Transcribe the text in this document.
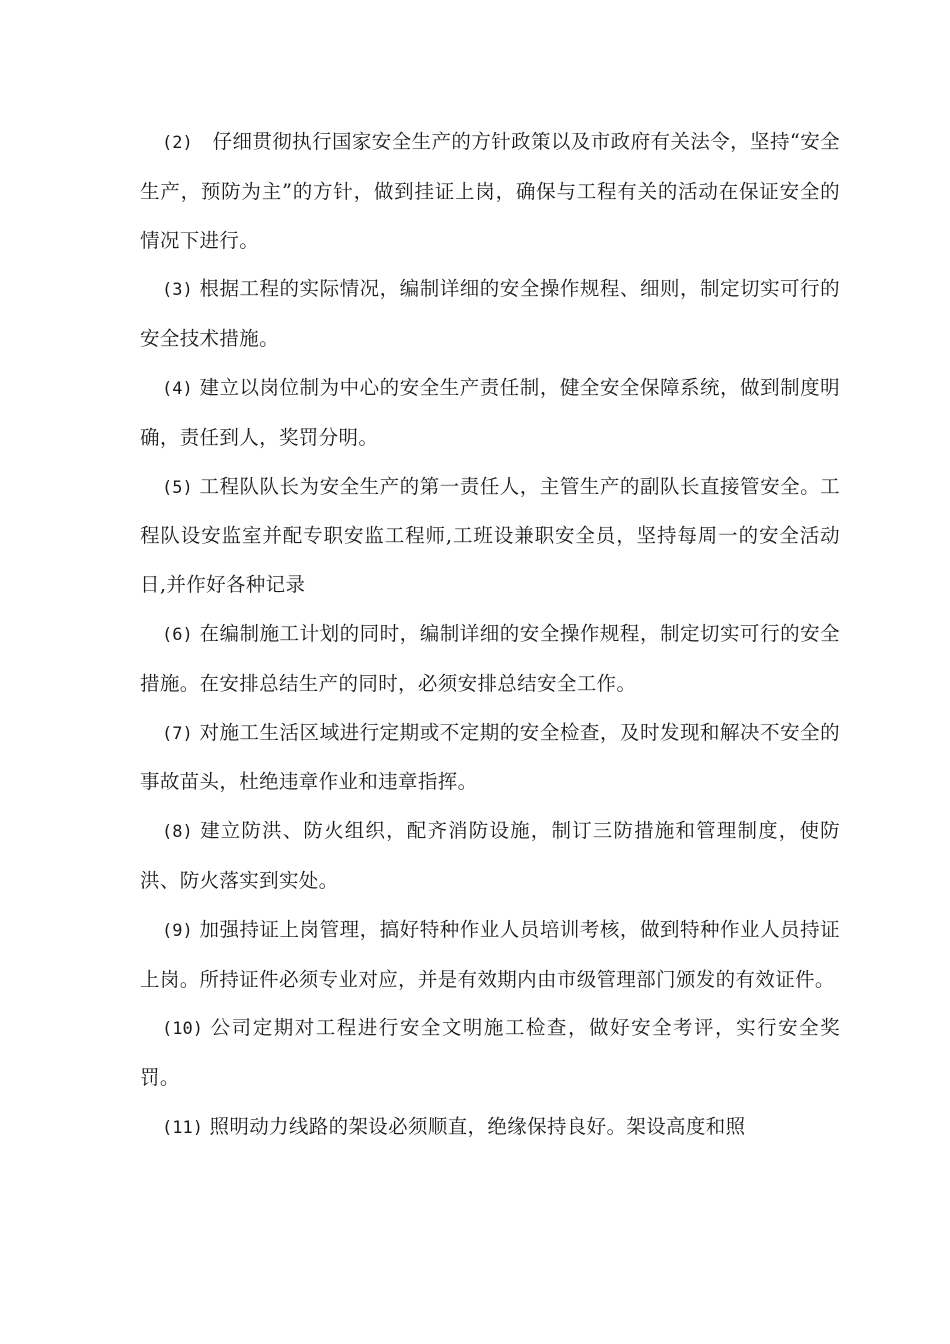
(2)   仔细贯彻执行国家安全生产的方针政策以及市政府有关法令，坚持“安全生产，预防为主”的方针，做到挂证上岗，确保与工程有关的活动在保证安全的情况下进行。

(3) 根据工程的实际情况，编制详细的安全操作规程、细则，制定切实可行的安全技术措施。

(4) 建立以岗位制为中心的安全生产责任制，健全安全保障系统，做到制度明确，责任到人，奖罚分明。

(5) 工程队队长为安全生产的第一责任人，主管生产的副队长直接管安全。工程队设安监室并配专职安监工程师,工班设兼职安全员，坚持每周一的安全活动日,并作好各种记录

(6) 在编制施工计划的同时，编制详细的安全操作规程，制定切实可行的安全措施。在安排总结生产的同时，必须安排总结安全工作。

(7) 对施工生活区域进行定期或不定期的安全检查，及时发现和解决不安全的事故苗头，杜绝违章作业和违章指挥。

(8) 建立防洪、防火组织，配齐消防设施，制订三防措施和管理制度，使防洪、防火落实到实处。

(9) 加强持证上岗管理，搞好特种作业人员培训考核，做到特种作业人员持证上岗。所持证件必须专业对应，并是有效期内由市级管理部门颁发的有效证件。

(10) 公司定期对工程进行安全文明施工检查，做好安全考评，实行安全奖罚。

(11) 照明动力线路的架设必须顺直，绝缘保持良好。架设高度和照
